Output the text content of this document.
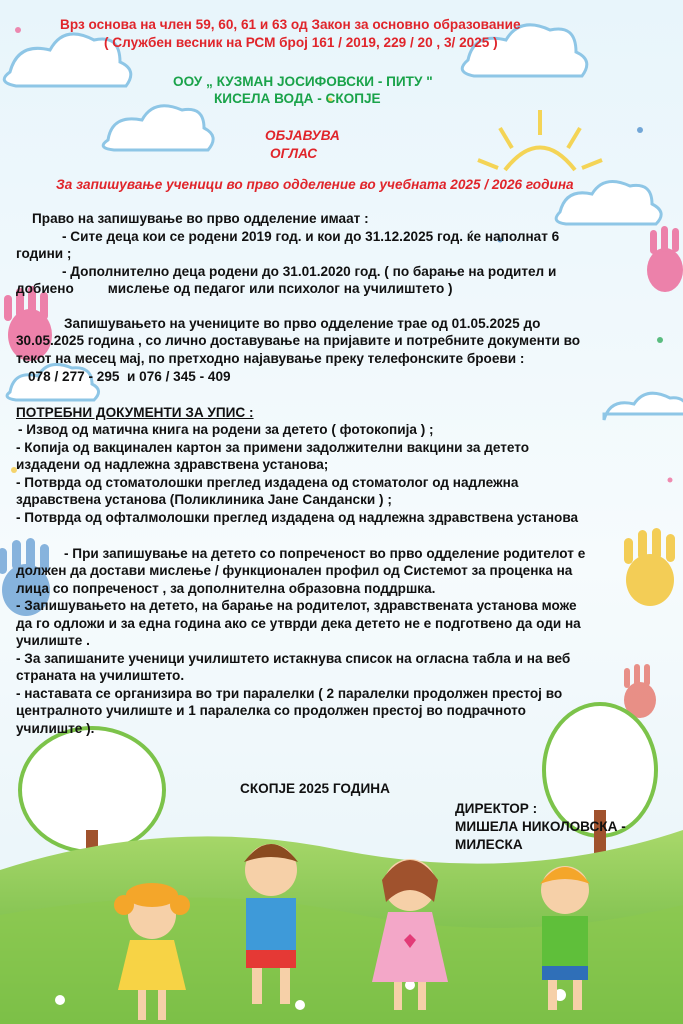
Врз основа на член 59, 60, 61 и 63 од Закон за основно образование
( Службен весник на РСМ број 161 / 2019, 229 / 20 , 3/ 2025 )
ООУ „ КУЗМАН ЈОСИФОВСКИ - ПИТУ "
КИСЕЛА ВОДА - СКОПЈЕ
ОБЈАВУВА
ОГЛАС
За запишување ученици во прво одделение во учебната 2025 / 2026 година
Право на запишување во прво одделение имаат :
- Сите деца кои се родени 2019 год. и кои до 31.12.2025 год. ќе наполнат 6
години ;
- Дополнително деца родени до 31.01.2020 год. ( по барање на родител и
добиено         мислење од педагог или психолог на училиштето )
Запишувањето на учениците во прво одделение трае од 01.05.2025 до
30.05.2025 година , со лично доставување на пријавите и потребните документи во
текот на месец мај, по претходно најавување преку телефонските броеви :
078 / 277 - 295  и 076 / 345 - 409
ПОТРЕБНИ ДОКУМЕНТИ ЗА УПИС :
- Извод од матична книга на родени за детето ( фотокопија ) ;
- Копија од вакцинален картон за примени задолжителни вакцини за детето
издадени од надлежна здравствена установа;
- Потврда од стоматолошки преглед издадена од стоматолог од надлежна
здравствена установа (Поликлиника Јане Сандански ) ;
- Потврда од офталмолошки преглед издадена од надлежна здравствена установа
- При запишување на детето со попреченост во прво одделение родителот е
должен да достави мислење / функционален профил од Системот за проценка на
лица со попреченост , за дополнителна образовна поддршка.
- Запишувањето на детето, на барање на родителот, здравствената установа може
да го одложи и за една година ако се утврди дека детето не е подготвено да оди на
училиште .
- За запишаните ученици училиштето истакнува список на огласна табла и на веб
страната на училиштето.
- наставата се организира во три паралелки ( 2 паралелки продолжен престој во
централното училиште и 1 паралелка со продолжен престој во подрачното
училиште ).
СКОПЈЕ 2025 ГОДИНА
ДИРЕКТОР :
МИШЕЛА НИКОЛОВСКА -
МИЛЕСКА
